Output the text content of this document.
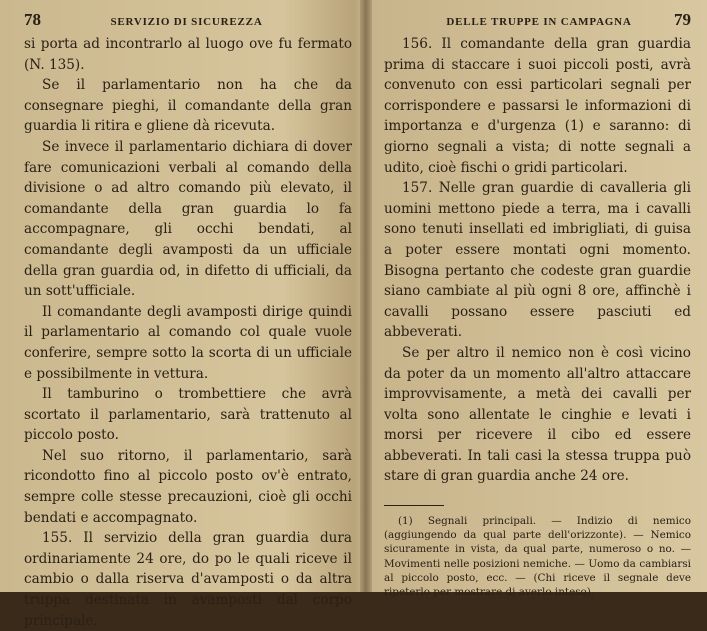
78	SERVIZIO DI SICUREZZA

si porta ad incontrarlo al luogo ove fu fermato (N. 135).

Se il parlamentario non ha che da consegnare pieghi, il comandante della gran guardia li ritira e gliene dà ricevuta.

Se invece il parlamentario dichiara di dover fare comunicazioni verbali al comando della divisione o ad altro comando più elevato, il comandante della gran guardia lo fa accompagnare, gli occhi bendati, al comandante degli avamposti da un ufficiale della gran guardia od, in difetto di ufficiali, da un sott'ufficiale.

Il comandante degli avamposti dirige quindi il parlamentario al comando col quale vuole conferire, sempre sotto la scorta di un ufficiale e possibilmente in vettura.

Il tamburino o trombettiere che avrà scortato il parlamentario, sarà trattenuto al piccolo posto.

Nel suo ritorno, il parlamentario, sarà ricondotto fino al piccolo posto ov'è entrato, sempre colle stesse precauzioni, cioè gli occhi bendati e accompagnato.

155. Il servizio della gran guardia dura ordinariamente 24 ore, do po le quali riceve il cambio o dalla riserva d'avamposti o da altra truppa destinata in avamposti dal corpo principale.

DELLE TRUPPE IN CAMPAGNA 79

156. Il comandante della gran guardia prima di staccare i suoi piccoli posti, avrà convenuto con essi particolari segnali per corrispondere e passarsi le informazioni di importanza e d'urgenza (1) e saranno: di giorno segnali a vista; di notte segnali a udito, cioè fischi o gridi particolari.

157. Nelle gran guardie di cavalleria gli uomini mettono piede a terra, ma i cavalli sono tenuti insellati ed imbrigliati, di guisa a poter essere montati ogni momento. Bisogna pertanto che codeste gran guardie siano cambiate al più ogni 8 ore, affinchè i cavalli possano essere pasciuti ed abbeverati.

Se per altro il nemico non è così vicino da poter da un momento all'altro attaccare improvvisamente, a metà dei cavalli per volta sono allentate le cinghie e levati i morsi per ricevere il cibo ed essere abbeverati. In tali casi la stessa truppa può stare di gran guardia anche 24 ore.

(1) Segnali principali. — Indizio di nemico (aggiungendo da qual parte dell'orizzonte). — Nemico sicuramente in vista, da qual parte, numeroso o no. — Movimenti nelle posizioni nemiche. — Uomo da cambiarsi al piccolo posto, ecc. — (Chi riceve il segnale deve ripeterlo per mostrare di averlo inteso).
